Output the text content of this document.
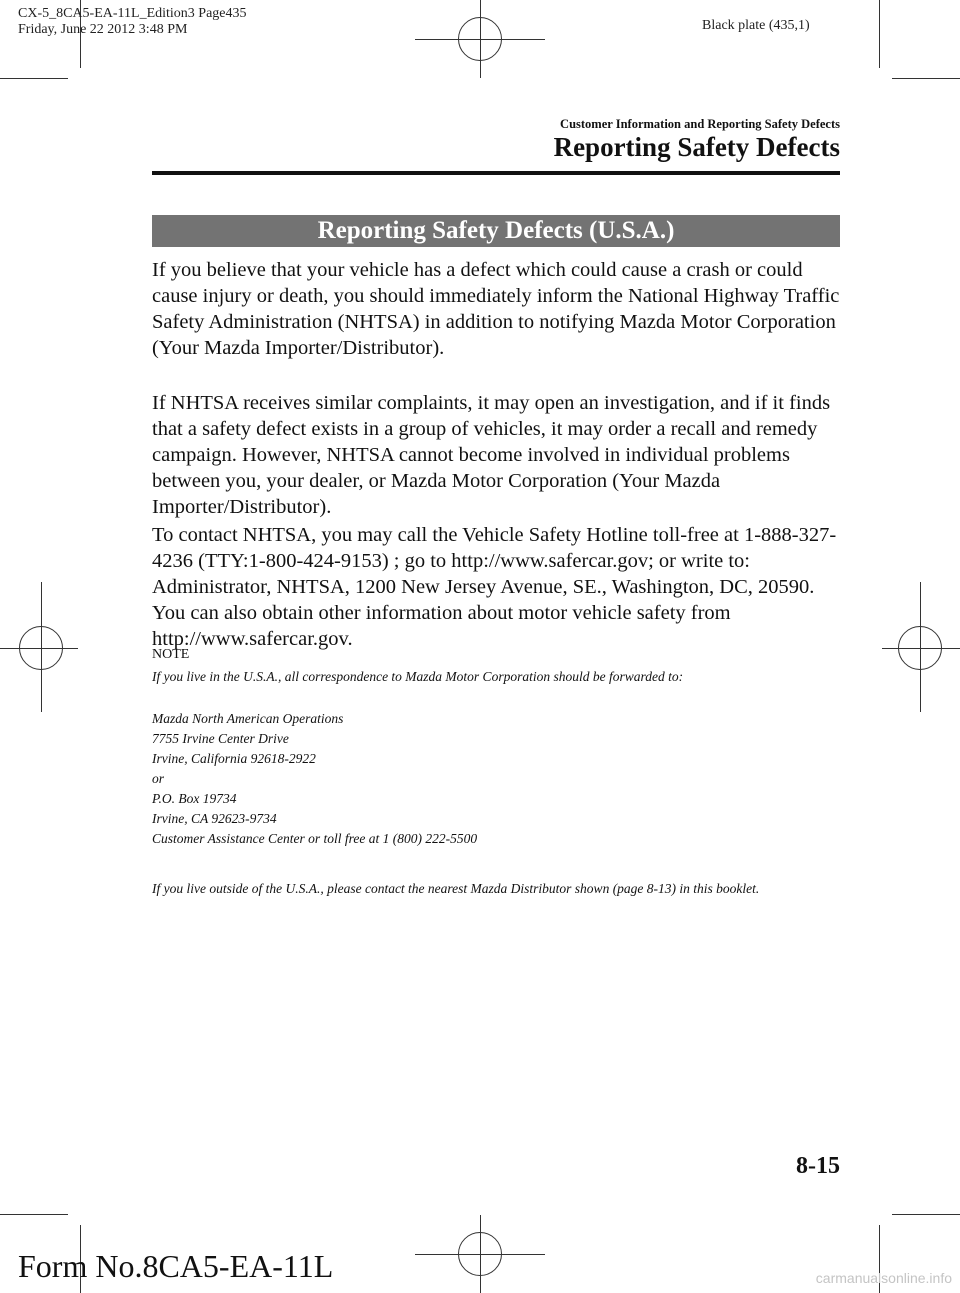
CX-5_8CA5-EA-11L_Edition3 Page435
Friday, June 22 2012 3:48 PM	Black plate (435,1)
Customer Information and Reporting Safety Defects
Reporting Safety Defects
Reporting Safety Defects (U.S.A.)

If you believe that your vehicle has a defect which could cause a crash or could cause injury or death, you should immediately inform the National Highway Traffic Safety Administration (NHTSA) in addition to notifying Mazda Motor Corporation (Your Mazda Importer/Distributor).

If NHTSA receives similar complaints, it may open an investigation, and if it finds that a safety defect exists in a group of vehicles, it may order a recall and remedy campaign. However, NHTSA cannot become involved in individual problems between you, your dealer, or Mazda Motor Corporation (Your Mazda Importer/Distributor).

To contact NHTSA, you may call the Vehicle Safety Hotline toll-free at 1-888-327-4236 (TTY:1-800-424-9153) ; go to http://www.safercar.gov; or write to: Administrator, NHTSA, 1200 New Jersey Avenue, SE., Washington, DC, 20590. You can also obtain other information about motor vehicle safety from http://www.safercar.gov.

NOTE

If you live in the U.S.A., all correspondence to Mazda Motor Corporation should be forwarded to:

Mazda North American Operations
7755 Irvine Center Drive
Irvine, California 92618-2922
or
P.O. Box 19734
Irvine, CA 92623-9734
Customer Assistance Center or toll free at 1 (800) 222-5500

If you live outside of the U.S.A., please contact the nearest Mazda Distributor shown (page 8-13) in this booklet.

8-15
Form No.8CA5-EA-11L	carmanualsonline.info
